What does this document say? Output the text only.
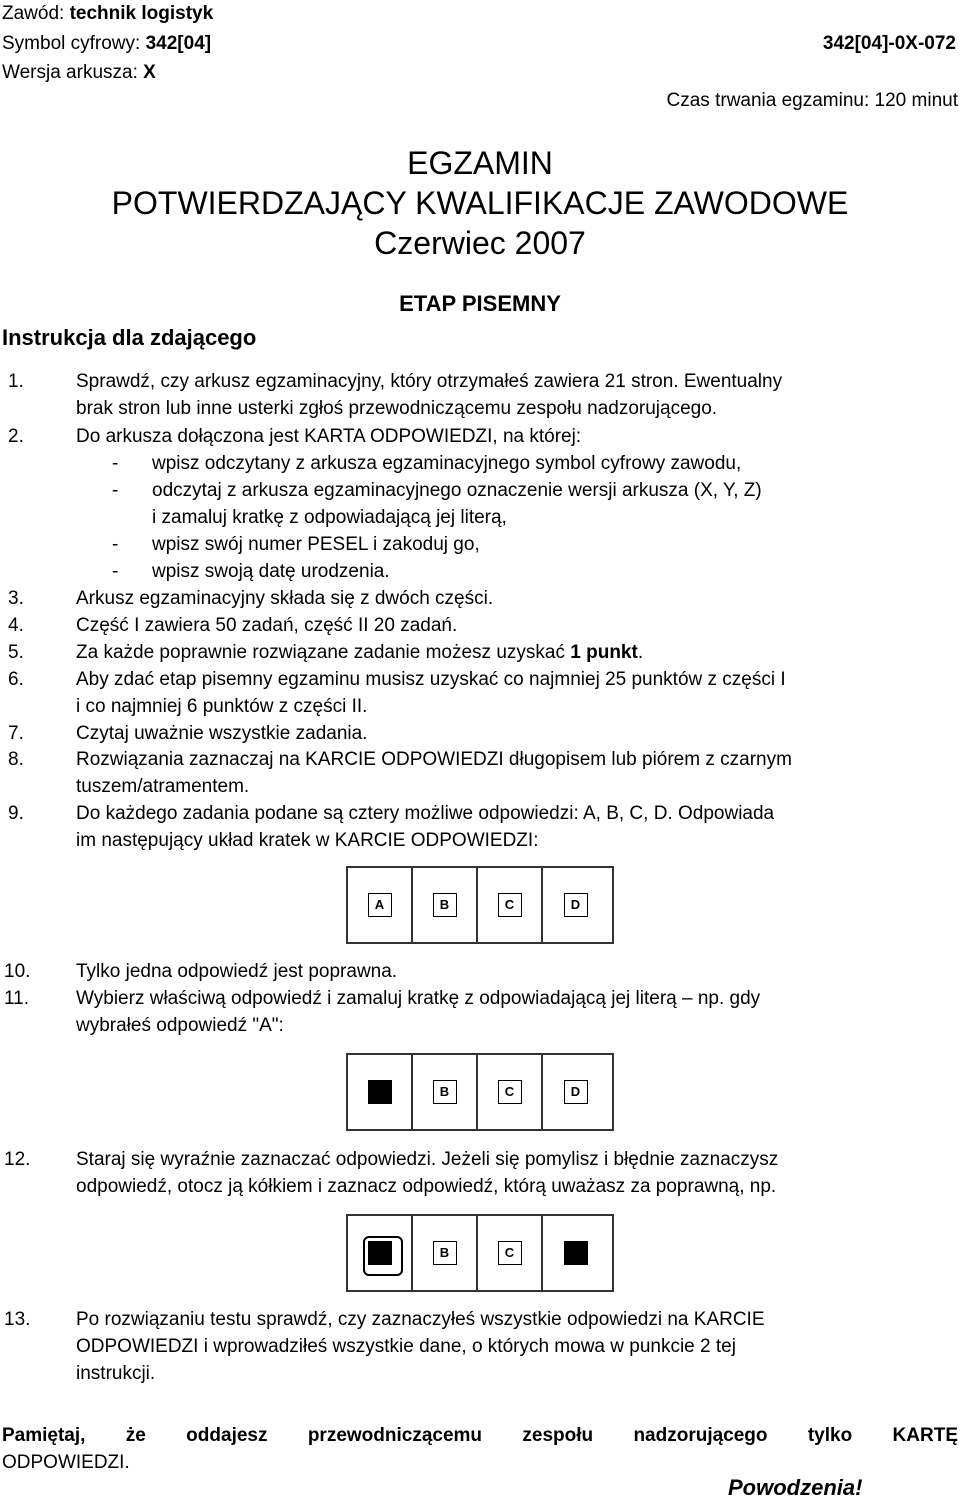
Zawód: technik logistyk
Symbol cyfrowy: 342[04]	342[04]-0X-072
Wersja arkusza: X
Czas trwania egzaminu: 120 minut
EGZAMIN
POTWIERDZAJĄCY KWALIFIKACJE ZAWODOWE
Czerwiec 2007
ETAP PISEMNY
Instrukcja dla zdającego
1.	Sprawdź, czy arkusz egzaminacyjny, który otrzymałeś zawiera 21 stron. Ewentualny
brak stron lub inne usterki zgłoś przewodniczącemu zespołu nadzorującego.
2.	Do arkusza dołączona jest KARTA ODPOWIEDZI, na której:
- wpisz odczytany z arkusza egzaminacyjnego symbol cyfrowy zawodu,
- odczytaj z arkusza egzaminacyjnego oznaczenie wersji arkusza (X, Y, Z)
i zamaluj kratkę z odpowiadającą jej literą,
- wpisz swój numer PESEL i zakoduj go,
- wpisz swoją datę urodzenia.
3.	Arkusz egzaminacyjny składa się z dwóch części.
4.	Część I zawiera 50 zadań, część II 20 zadań.
5.	Za każde poprawnie rozwiązane zadanie możesz uzyskać 1 punkt.
6.	Aby zdać etap pisemny egzaminu musisz uzyskać co najmniej 25 punktów z części I
i co najmniej 6 punktów z części II.
7.	Czytaj uważnie wszystkie zadania.
8.	Rozwiązania zaznaczaj na KARCIE ODPOWIEDZI długopisem lub piórem z czarnym
tuszem/atramentem.
9.	Do każdego zadania podane są cztery możliwe odpowiedzi: A, B, C, D. Odpowiada
im następujący układ kratek w KARCIE ODPOWIEDZI:
A	B	C	D
10. Tylko jedna odpowiedź jest poprawna.
11. Wybierz właściwą odpowiedź i zamaluj kratkę z odpowiadającą jej literą – np. gdy
wybrałeś odpowiedź "A":
B	C	D
12. Staraj się wyraźnie zaznaczać odpowiedzi. Jeżeli się pomylisz i błędnie zaznaczysz
odpowiedź, otocz ją kółkiem i zaznacz odpowiedź, którą uważasz za poprawną, np.
B	C
13. Po rozwiązaniu testu sprawdź, czy zaznaczyłeś wszystkie odpowiedzi na KARCIE
ODPOWIEDZI i wprowadziłeś wszystkie dane, o których mowa w punkcie 2 tej
instrukcji.
Pamiętaj, że oddajesz przewodniczącemu zespołu nadzorującego tylko KARTĘ
ODPOWIEDZI.
Powodzenia!
